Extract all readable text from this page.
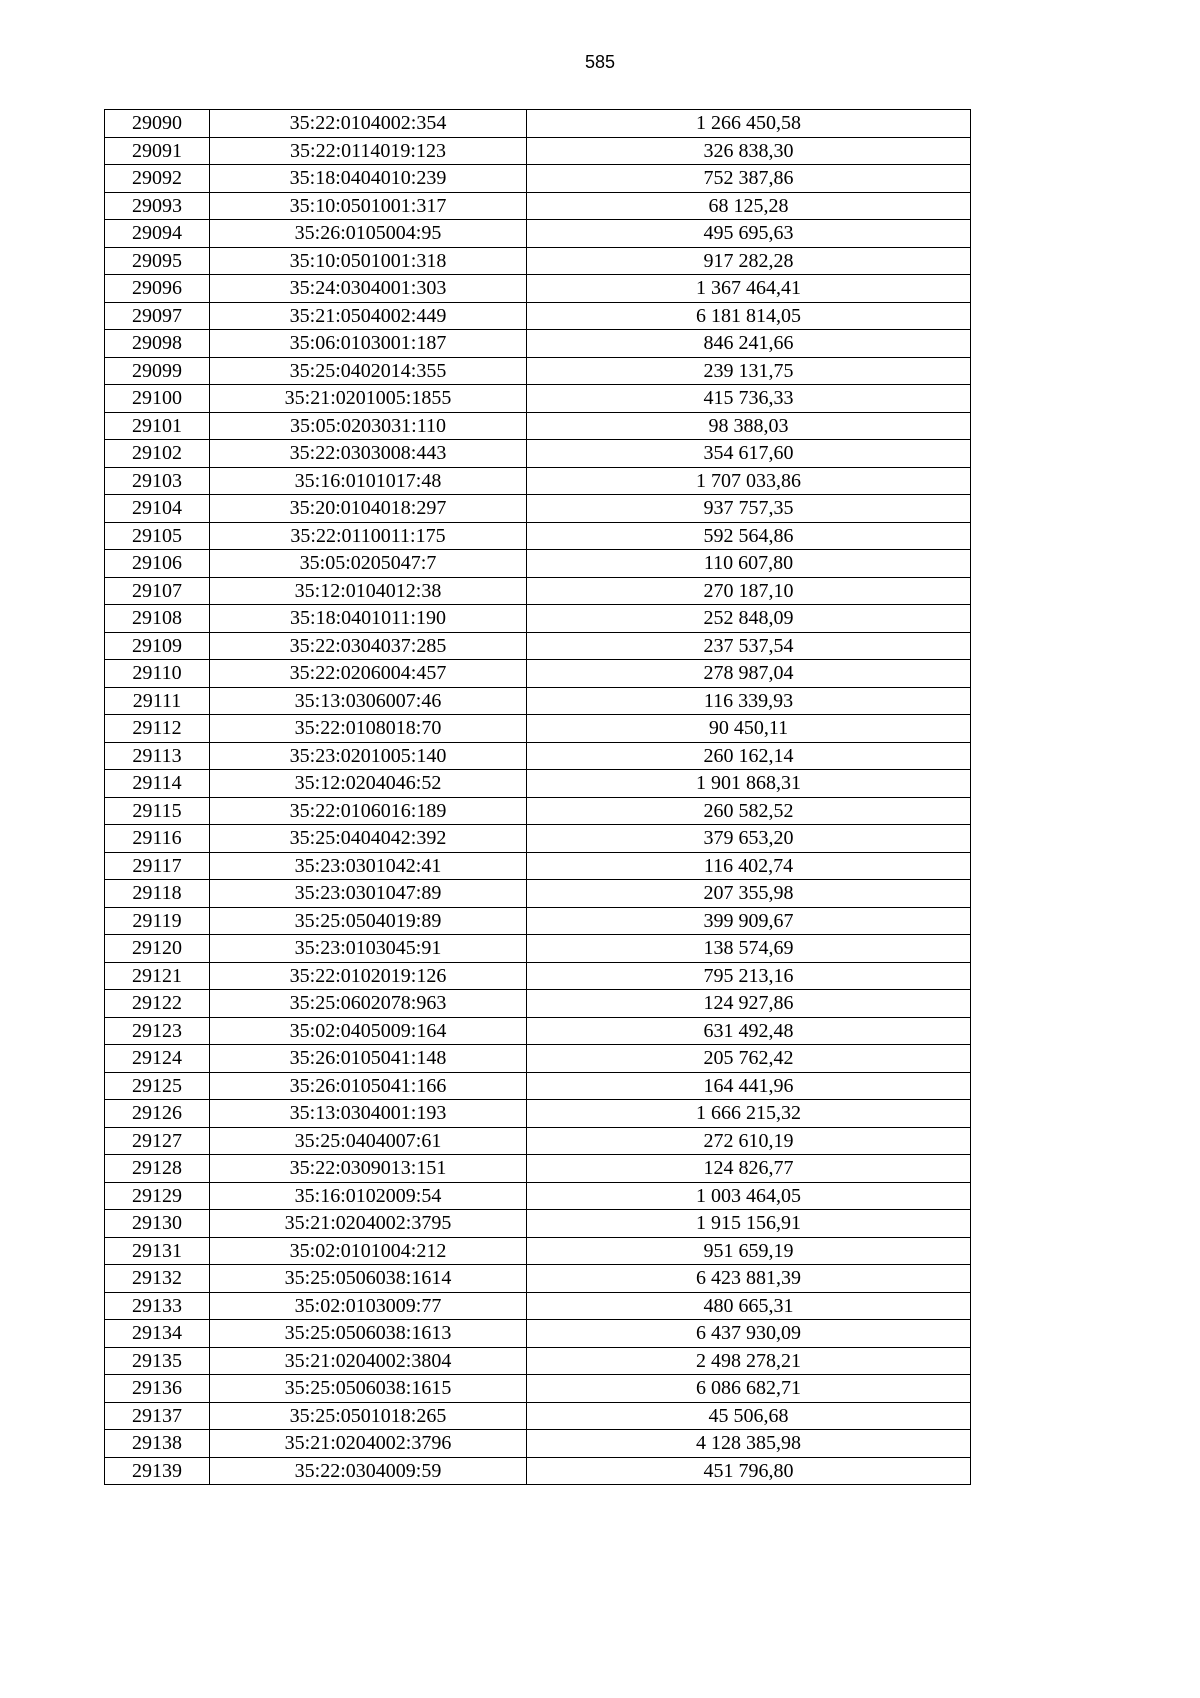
585
29090	35:22:0104002:354	1 266 450,58
29091	35:22:0114019:123	326 838,30
29092	35:18:0404010:239	752 387,86
29093	35:10:0501001:317	68 125,28
29094	35:26:0105004:95	495 695,63
29095	35:10:0501001:318	917 282,28
29096	35:24:0304001:303	1 367 464,41
29097	35:21:0504002:449	6 181 814,05
29098	35:06:0103001:187	846 241,66
29099	35:25:0402014:355	239 131,75
29100	35:21:0201005:1855	415 736,33
29101	35:05:0203031:110	98 388,03
29102	35:22:0303008:443	354 617,60
29103	35:16:0101017:48	1 707 033,86
29104	35:20:0104018:297	937 757,35
29105	35:22:0110011:175	592 564,86
29106	35:05:0205047:7	110 607,80
29107	35:12:0104012:38	270 187,10
29108	35:18:0401011:190	252 848,09
29109	35:22:0304037:285	237 537,54
29110	35:22:0206004:457	278 987,04
29111	35:13:0306007:46	116 339,93
29112	35:22:0108018:70	90 450,11
29113	35:23:0201005:140	260 162,14
29114	35:12:0204046:52	1 901 868,31
29115	35:22:0106016:189	260 582,52
29116	35:25:0404042:392	379 653,20
29117	35:23:0301042:41	116 402,74
29118	35:23:0301047:89	207 355,98
29119	35:25:0504019:89	399 909,67
29120	35:23:0103045:91	138 574,69
29121	35:22:0102019:126	795 213,16
29122	35:25:0602078:963	124 927,86
29123	35:02:0405009:164	631 492,48
29124	35:26:0105041:148	205 762,42
29125	35:26:0105041:166	164 441,96
29126	35:13:0304001:193	1 666 215,32
29127	35:25:0404007:61	272 610,19
29128	35:22:0309013:151	124 826,77
29129	35:16:0102009:54	1 003 464,05
29130	35:21:0204002:3795	1 915 156,91
29131	35:02:0101004:212	951 659,19
29132	35:25:0506038:1614	6 423 881,39
29133	35:02:0103009:77	480 665,31
29134	35:25:0506038:1613	6 437 930,09
29135	35:21:0204002:3804	2 498 278,21
29136	35:25:0506038:1615	6 086 682,71
29137	35:25:0501018:265	45 506,68
29138	35:21:0204002:3796	4 128 385,98
29139	35:22:0304009:59	451 796,80
